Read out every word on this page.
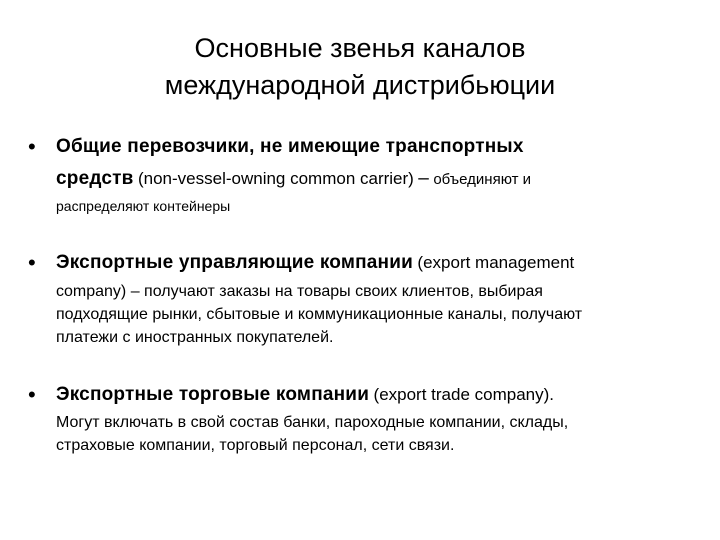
Основные звенья каналов
международной дистрибьюции
• Общие перевозчики, не имеющие транспортных
средств (non-vessel-owning common carrier) – объединяют и
распределяют контейнеры
• Экспортные управляющие компании (export management
company) – получают заказы на товары своих клиентов, выбирая
подходящие рынки, сбытовые и коммуникационные каналы, получают
платежи с иностранных покупателей.
• Экспортные торговые компании (export trade company).
Могут включать в свой состав банки, пароходные компании, склады,
страховые компании, торговый персонал, сети связи.
